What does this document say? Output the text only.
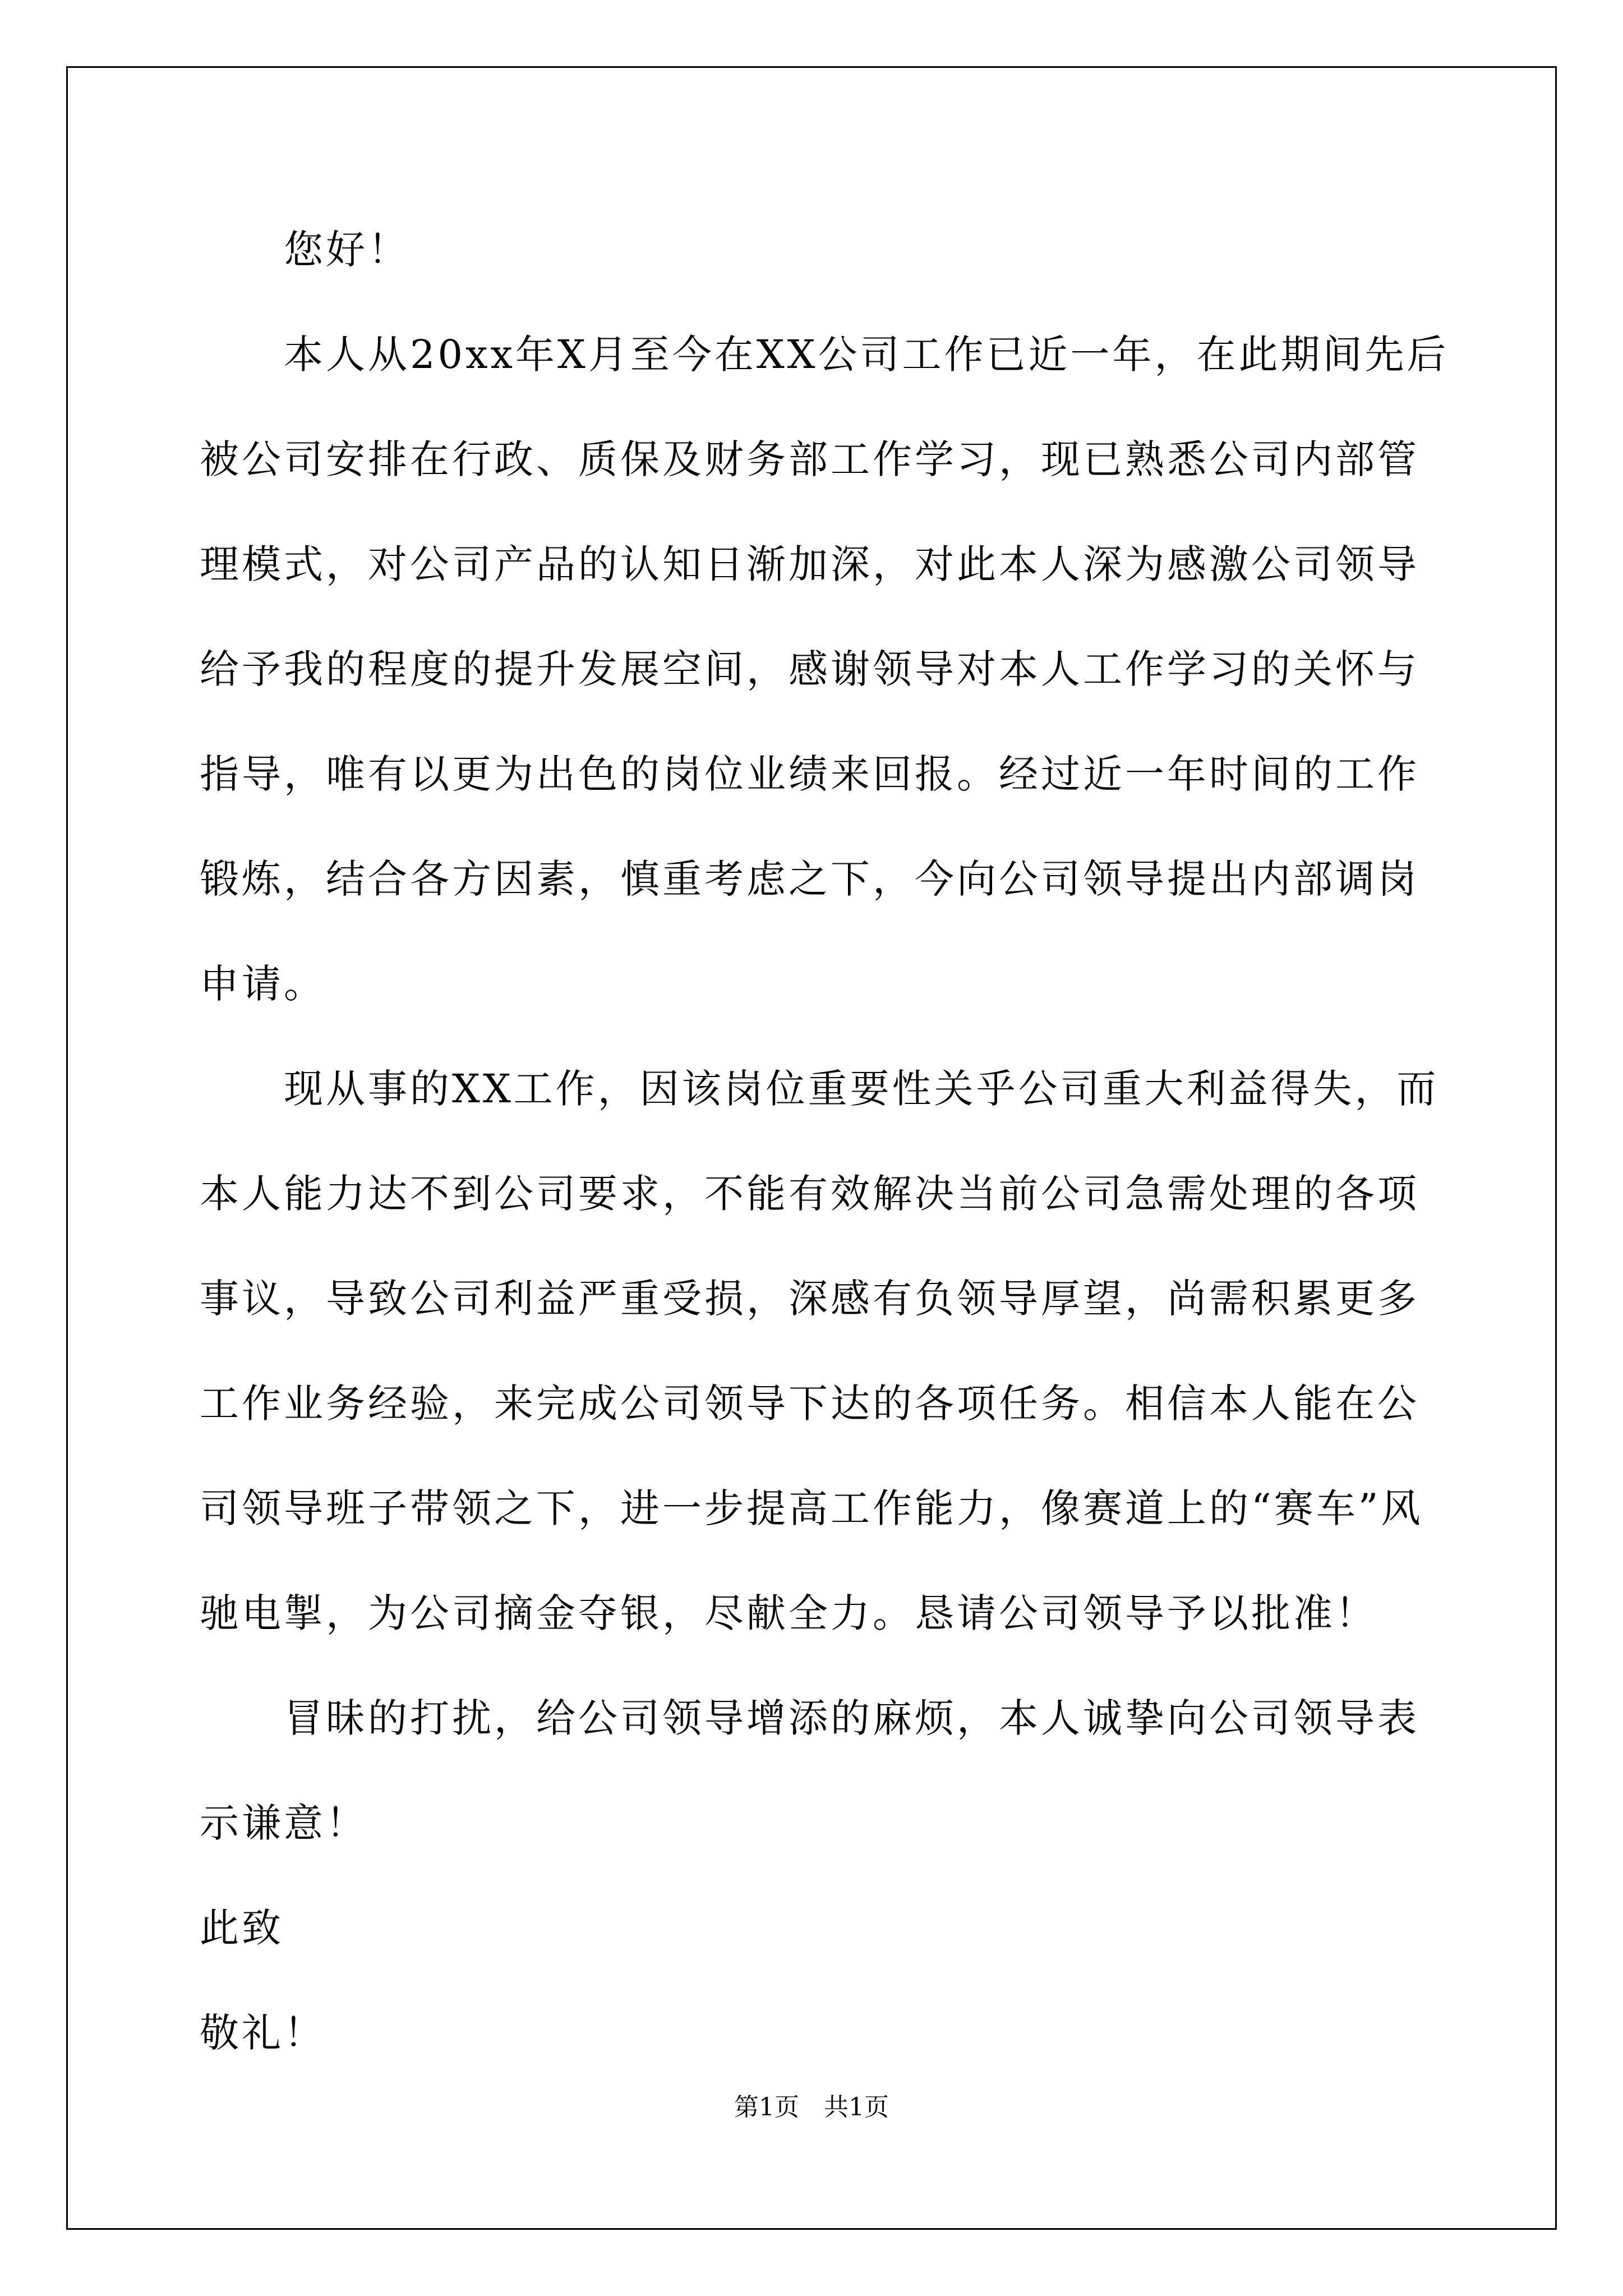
您好！

本人从20xx年X月至今在XX公司工作已近一年，在此期间先后被公司安排在行政、质保及财务部工作学习，现已熟悉公司内部管理模式，对公司产品的认知日渐加深，对此本人深为感激公司领导给予我的程度的提升发展空间，感谢领导对本人工作学习的关怀与指导，唯有以更为出色的岗位业绩来回报。经过近一年时间的工作锻炼，结合各方因素，慎重考虑之下，今向公司领导提出内部调岗申请。

现从事的XX工作，因该岗位重要性关乎公司重大利益得失，而本人能力达不到公司要求，不能有效解决当前公司急需处理的各项事议，导致公司利益严重受损，深感有负领导厚望，尚需积累更多工作业务经验，来完成公司领导下达的各项任务。相信本人能在公司领导班子带领之下，进一步提高工作能力，像赛道上的“赛车”风驰电掣，为公司摘金夺银，尽献全力。恳请公司领导予以批准！

冒昧的打扰，给公司领导增添的麻烦，本人诚挚向公司领导表示谦意！

此致

敬礼！

第1页　共1页
